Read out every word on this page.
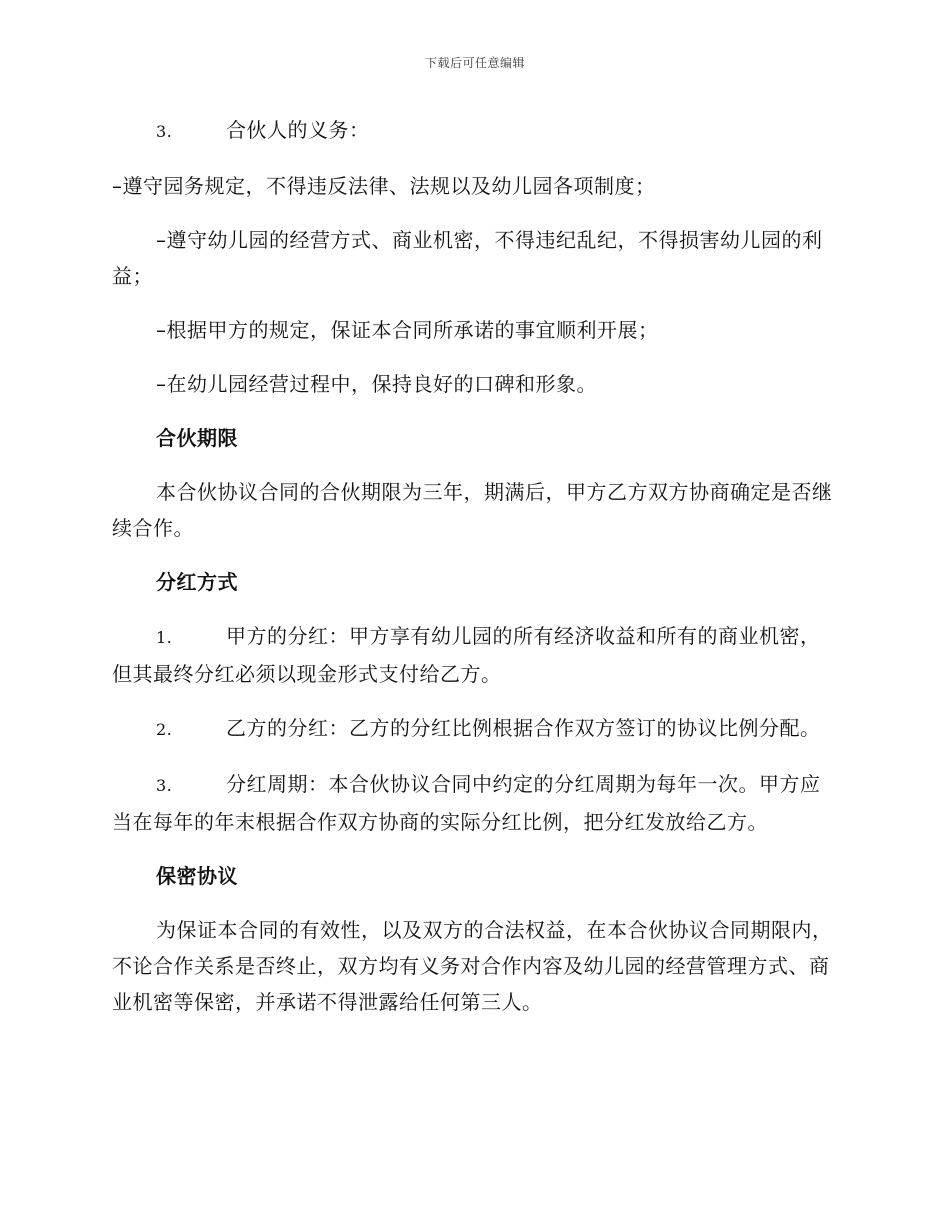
下载后可任意编辑

3.	合伙人的义务：

–遵守园务规定，不得违反法律、法规以及幼儿园各项制度；

–遵守幼儿园的经营方式、商业机密，不得违纪乱纪，不得损害幼儿园的利益；

–根据甲方的规定，保证本合同所承诺的事宜顺利开展；

–在幼儿园经营过程中，保持良好的口碑和形象。

合伙期限

本合伙协议合同的合伙期限为三年，期满后，甲方乙方双方协商确定是否继续合作。

分红方式

1.	甲方的分红：甲方享有幼儿园的所有经济收益和所有的商业机密，但其最终分红必须以现金形式支付给乙方。

2.	乙方的分红：乙方的分红比例根据合作双方签订的协议比例分配。

3.	分红周期：本合伙协议合同中约定的分红周期为每年一次。甲方应当在每年的年末根据合作双方协商的实际分红比例，把分红发放给乙方。

保密协议

为保证本合同的有效性，以及双方的合法权益，在本合伙协议合同期限内，不论合作关系是否终止，双方均有义务对合作内容及幼儿园的经营管理方式、商业机密等保密，并承诺不得泄露给任何第三人。
